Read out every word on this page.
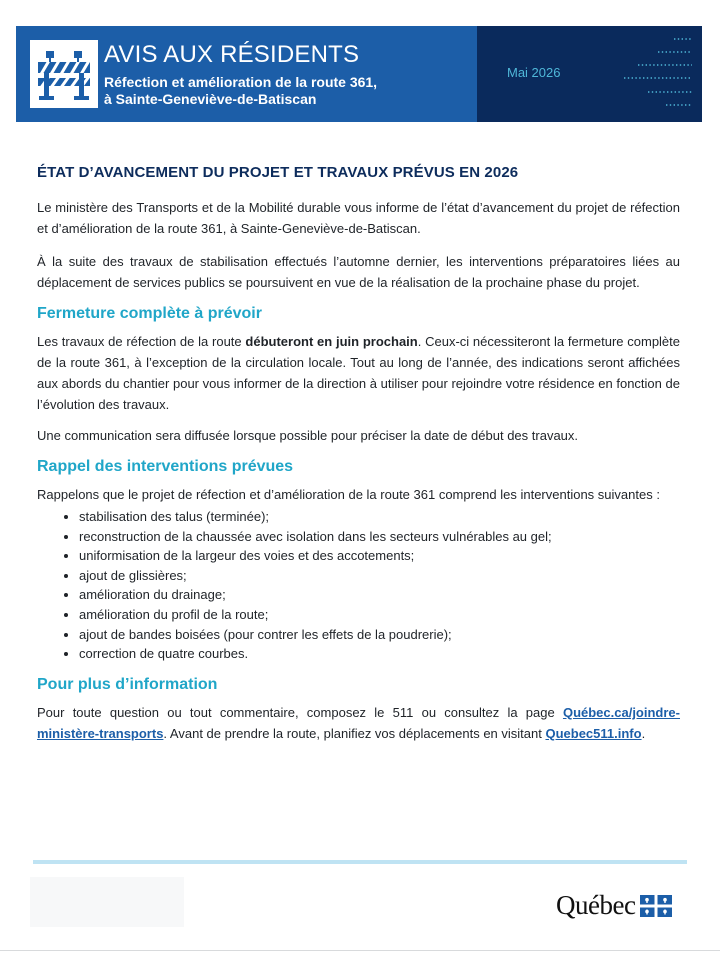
AVIS AUX RÉSIDENTS
Réfection et amélioration de la route 361,
à Sainte-Geneviève-de-Batiscan
Mai 2026
ÉTAT D’AVANCEMENT DU PROJET ET TRAVAUX PRÉVUS EN 2026

Le ministère des Transports et de la Mobilité durable vous informe de l’état d’avancement du projet de réfection et d’amélioration de la route 361, à Sainte-Geneviève-de-Batiscan.

À la suite des travaux de stabilisation effectués l’automne dernier, les interventions préparatoires liées au déplacement de services publics se poursuivent en vue de la réalisation de la prochaine phase du projet.

Fermeture complète à prévoir

Les travaux de réfection de la route débuteront en juin prochain. Ceux-ci nécessiteront la fermeture complète de la route 361, à l’exception de la circulation locale. Tout au long de l’année, des indications seront affichées aux abords du chantier pour vous informer de la direction à utiliser pour rejoindre votre résidence en fonction de l’évolution des travaux.

Une communication sera diffusée lorsque possible pour préciser la date de début des travaux.

Rappel des interventions prévues

Rappelons que le projet de réfection et d’amélioration de la route 361 comprend les interventions suivantes :

• stabilisation des talus (terminée);
• reconstruction de la chaussée avec isolation dans les secteurs vulnérables au gel;
• uniformisation de la largeur des voies et des accotements;
• ajout de glissières;
• amélioration du drainage;
• amélioration du profil de la route;
• ajout de bandes boisées (pour contrer les effets de la poudrerie);
• correction de quatre courbes.
Pour plus d’information

Pour toute question ou tout commentaire, composez le 511 ou consultez la page Québec.ca/joindre-ministère-transports. Avant de prendre la route, planifiez vos déplacements en visitant Quebec511.info.

Québec
